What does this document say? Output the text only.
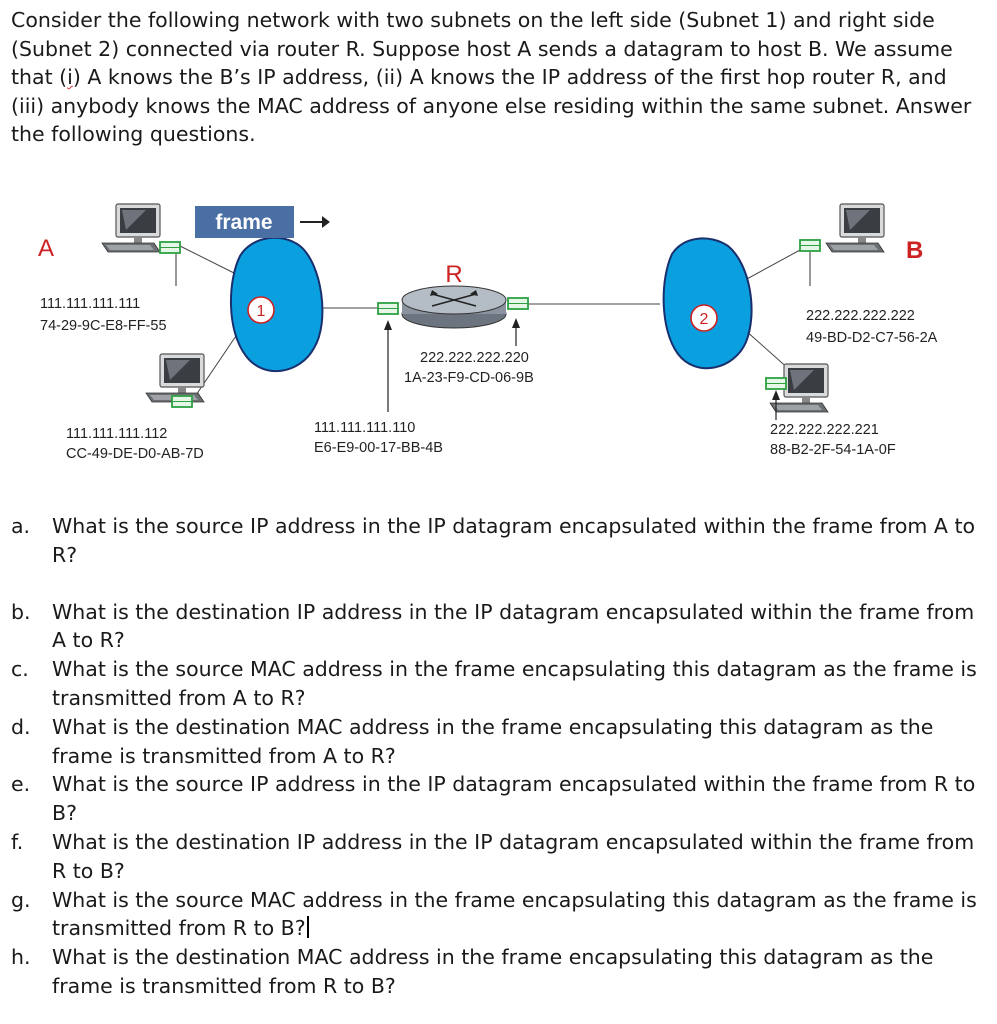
Consider the following network with two subnets on the left side (Subnet 1) and right side (Subnet 2) connected via router R. Suppose host A sends a datagram to host B. We assume that (i) A knows the B’s IP address, (ii) A knows the IP address of the first hop router R, and (iii) anybody knows the MAC address of anyone else residing within the same subnet. Answer the following questions.

1	2
A
111.111.111.111
74-29-9C-E8-FF-55
frame
111.111.111.112
CC-49-DE-D0-AB-7D
R
222.222.222.220
1A-23-F9-CD-06-9B
111.111.111.110
E6-E9-00-17-BB-4B
B
222.222.222.222
49-BD-D2-C7-56-2A
222.222.222.221
88-B2-2F-54-1A-0F
a.	What is the source IP address in the IP datagram encapsulated within the frame from A to R?
b.	What is the destination IP address in the IP datagram encapsulated within the frame from A to R?
c.	What is the source MAC address in the frame encapsulating this datagram as the frame is transmitted from A to R?
d.	What is the destination MAC address in the frame encapsulating this datagram as the frame is transmitted from A to R?
e.	What is the source IP address in the IP datagram encapsulated within the frame from R to B?
f.	What is the destination IP address in the IP datagram encapsulated within the frame from R to B?
g.	What is the source MAC address in the frame encapsulating this datagram as the frame is transmitted from R to B?
h.	What is the destination MAC address in the frame encapsulating this datagram as the frame is transmitted from R to B?
